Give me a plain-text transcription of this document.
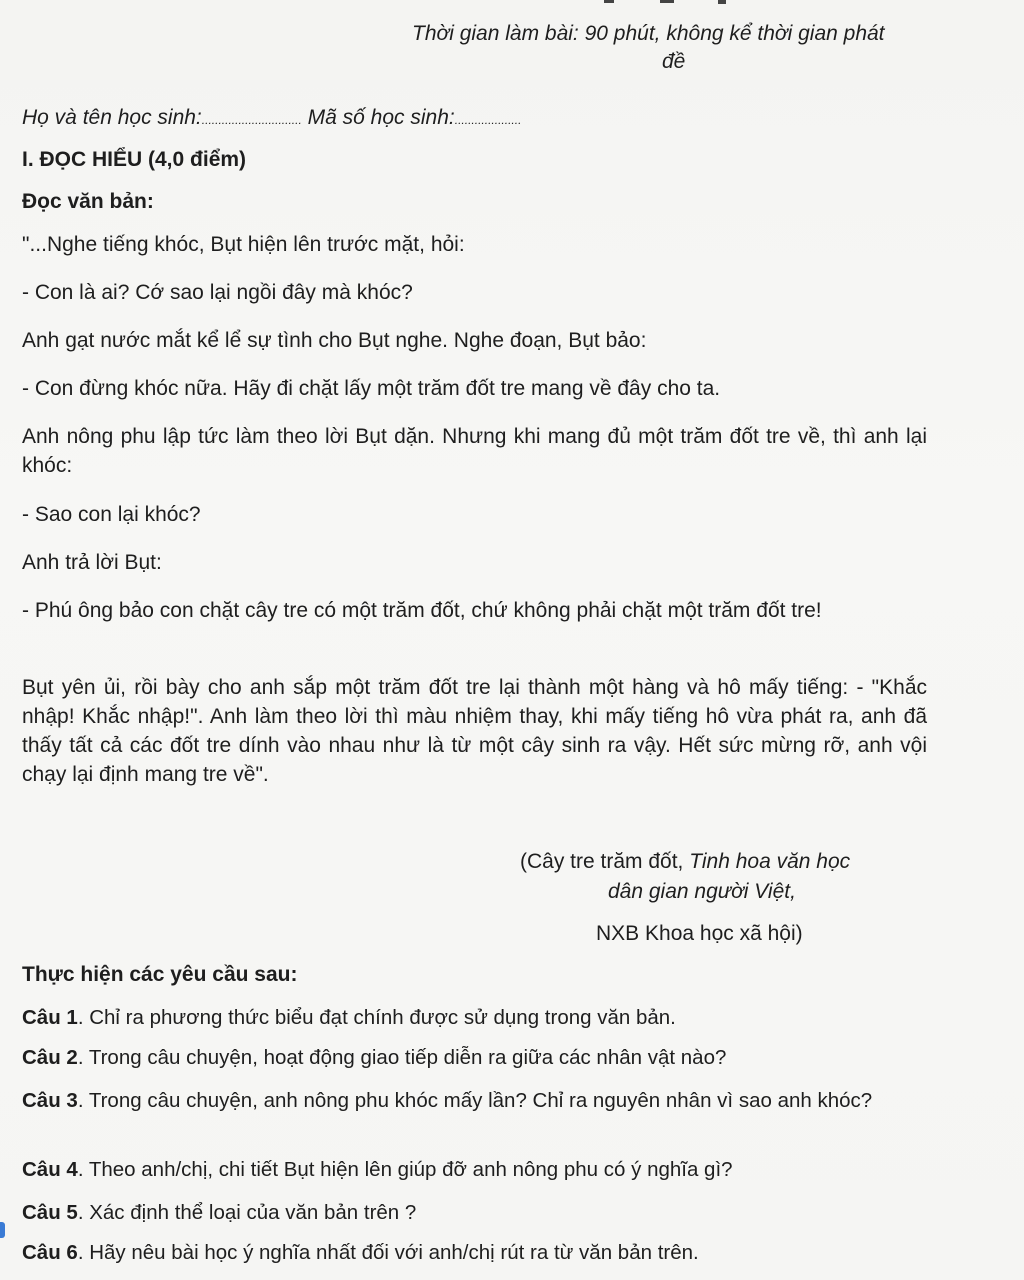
Thời gian làm bài: 90 phút, không kể thời gian phát
đề
Họ và tên học sinh:.............................. Mã số học sinh:....................
I. ĐỌC HIỂU (4,0 điểm)
Đọc văn bản:
"...Nghe tiếng khóc, Bụt hiện lên trước mặt, hỏi:
- Con là ai? Cớ sao lại ngồi đây mà khóc?
Anh gạt nước mắt kể lể sự tình cho Bụt nghe. Nghe đoạn, Bụt bảo:
- Con đừng khóc nữa. Hãy đi chặt lấy một trăm đốt tre mang về đây cho ta.
Anh nông phu lập tức làm theo lời Bụt dặn. Nhưng khi mang đủ một trăm đốt tre về, thì anh lại khóc:
- Sao con lại khóc?
Anh trả lời Bụt:
- Phú ông bảo con chặt cây tre có một trăm đốt, chứ không phải chặt một trăm đốt tre!
Bụt yên ủi, rồi bày cho anh sắp một trăm đốt tre lại thành một hàng và hô mấy tiếng: - "Khắc nhập! Khắc nhập!". Anh làm theo lời thì màu nhiệm thay, khi mấy tiếng hô vừa phát ra, anh đã thấy tất cả các đốt tre dính vào nhau như là từ một cây sinh ra vậy. Hết sức mừng rỡ, anh vội chạy lại định mang tre về".
(Cây tre trăm đốt, Tinh hoa văn học
dân gian người Việt,
NXB Khoa học xã hội)
Thực hiện các yêu cầu sau:
Câu 1. Chỉ ra phương thức biểu đạt chính được sử dụng trong văn bản.
Câu 2. Trong câu chuyện, hoạt động giao tiếp diễn ra giữa các nhân vật nào?
Câu 3. Trong câu chuyện, anh nông phu khóc mấy lần? Chỉ ra nguyên nhân vì sao anh khóc?
Câu 4. Theo anh/chị, chi tiết Bụt hiện lên giúp đỡ anh nông phu có ý nghĩa gì?
Câu 5. Xác định thể loại của văn bản trên ?
Câu 6. Hãy nêu bài học ý nghĩa nhất đối với anh/chị rút ra từ văn bản trên.
